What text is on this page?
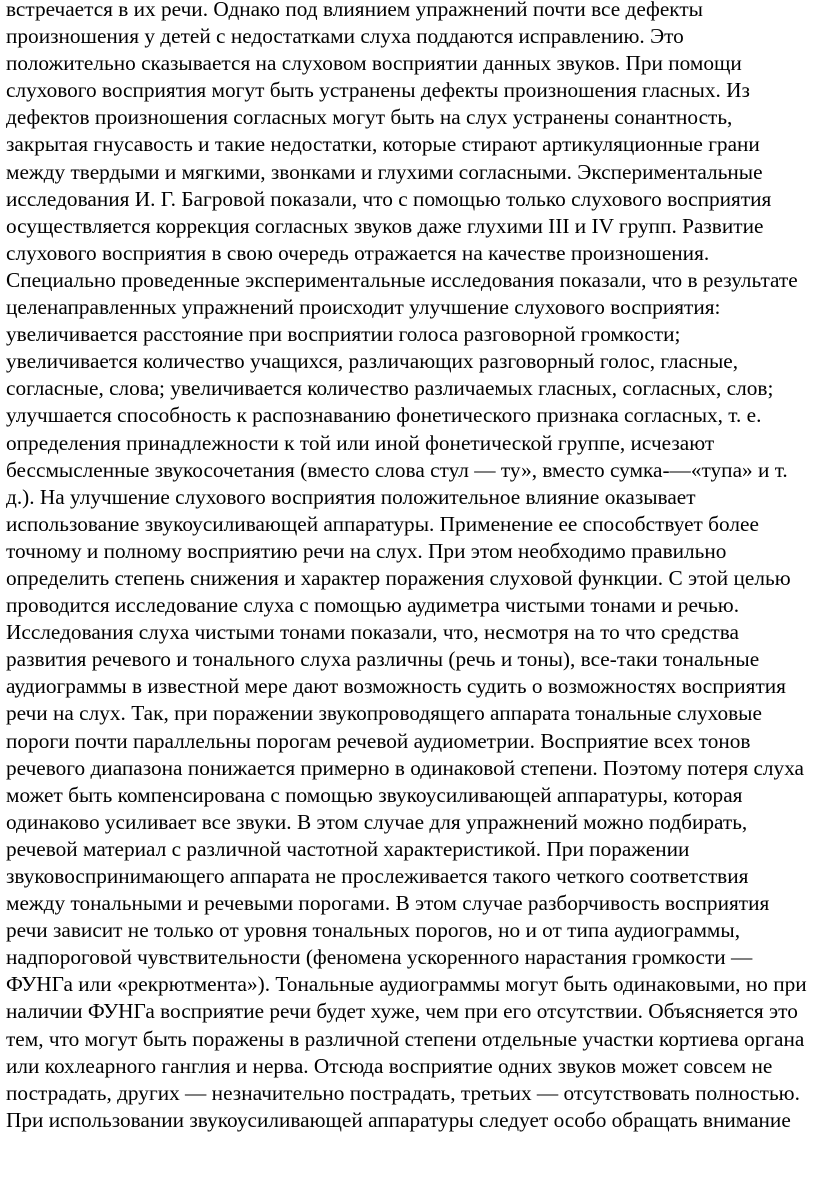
встречается в их речи. Однако под влиянием упражнений почти все дефекты
произношения у детей с недостатками слуха поддаются исправлению. Это
положительно сказывается на слуховом восприятии данных звуков. При помощи
слухового восприятия могут быть устранены дефекты произношения гласных. Из
дефектов произношения согласных могут быть на слух устранены сонантность,
закрытая гнусавость и такие недостатки, которые стирают артикуляционные грани
между твердыми и мягкими, звонками и глухими согласными. Экспериментальные
исследования И. Г. Багровой показали, что с помощью только слухового восприятия
осуществляется коррекция согласных звуков даже глухими III и IV групп. Развитие
слухового восприятия в свою очередь отражается на качестве произношения.
Специально проведенные экспериментальные исследования показали, что в результате
целенаправленных упражнений происходит улучшение слухового восприятия:
увеличивается расстояние при восприятии голоса разговорной громкости;
увеличивается количество учащихся, различающих разговорный голос, гласные,
согласные, слова; увеличивается количество различаемых гласных, согласных, слов;
улучшается способность к распознаванию фонетического признака согласных, т. е.
определения принадлежности к той или иной фонетической группе, исчезают
бессмысленные звукосочетания (вместо слова стул — ту», вместо сумка-—«тупа» и т.
д.). На улучшение слухового восприятия положительное влияние оказывает
использование звукоусиливающей аппаратуры. Применение ее способствует более
точному и полному восприятию речи на слух. При этом необходимо правильно
определить степень снижения и характер поражения слуховой функции. С этой целью
проводится исследование слуха с помощью аудиметра чистыми тонами и речью.
Исследования слуха чистыми тонами показали, что, несмотря на то что средства
развития речевого и тонального слуха различны (речь и тоны), все-таки тональные
аудиограммы в известной мере дают возможность судить о возможностях восприятия
речи на слух. Так, при поражении звукопроводящего аппарата тональные слуховые
пороги почти параллельны порогам речевой аудиометрии. Восприятие всех тонов
речевого диапазона понижается примерно в одинаковой степени. Поэтому потеря слуха
может быть компенсирована с помощью звукоусиливающей аппаратуры, которая
одинаково усиливает все звуки. В этом случае для упражнений можно подбирать,
речевой материал с различной частотной характеристикой. При поражении
звуковоспринимающего аппарата не прослеживается такого четкого соответствия
между тональными и речевыми порогами. В этом случае разборчивость восприятия
речи зависит не только от уровня тональных порогов, но и от типа аудиограммы,
надпороговой чувствительности (феномена ускоренного нарастания громкости —
ФУНГа или «рекрютмента»). Тональные аудиограммы могут быть одинаковыми, но при
наличии ФУНГа восприятие речи будет хуже, чем при его отсутствии. Объясняется это
тем, что могут быть поражены в различной степени отдельные участки кортиева органа
или кохлеарного ганглия и нерва. Отсюда восприятие одних звуков может совсем не
пострадать, других — незначительно пострадать, третьих — отсутствовать полностью.
При использовании звукоусиливающей аппаратуры следует особо обращать внимание
